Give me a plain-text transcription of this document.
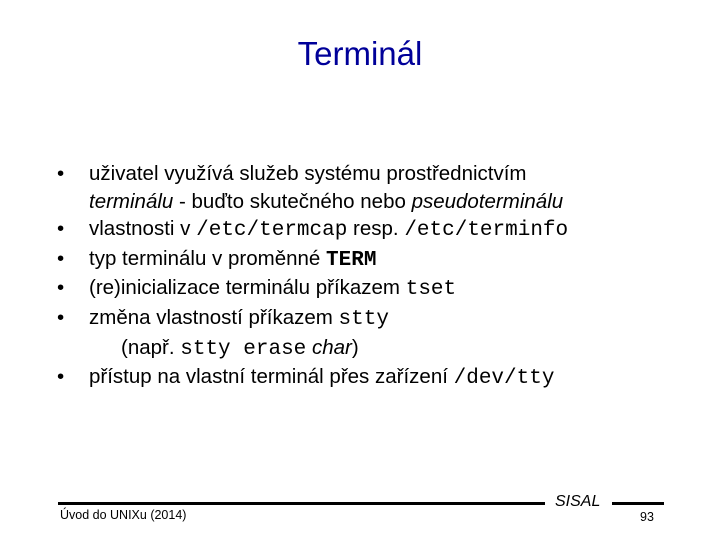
Terminál
•	uživatel využívá služeb systému prostřednictvím
terminálu - buďto skutečného nebo pseudoterminálu
•	vlastnosti v /etc/termcap resp. /etc/terminfo
•	typ terminálu v proměnné TERM
•	(re)inicializace terminálu příkazem tset
•	změna vlastností příkazem stty
(např. stty erase char)
•	přístup na vlastní terminál přes zařízení /dev/tty
Úvod do UNIXu (2014)
SISAL
93
